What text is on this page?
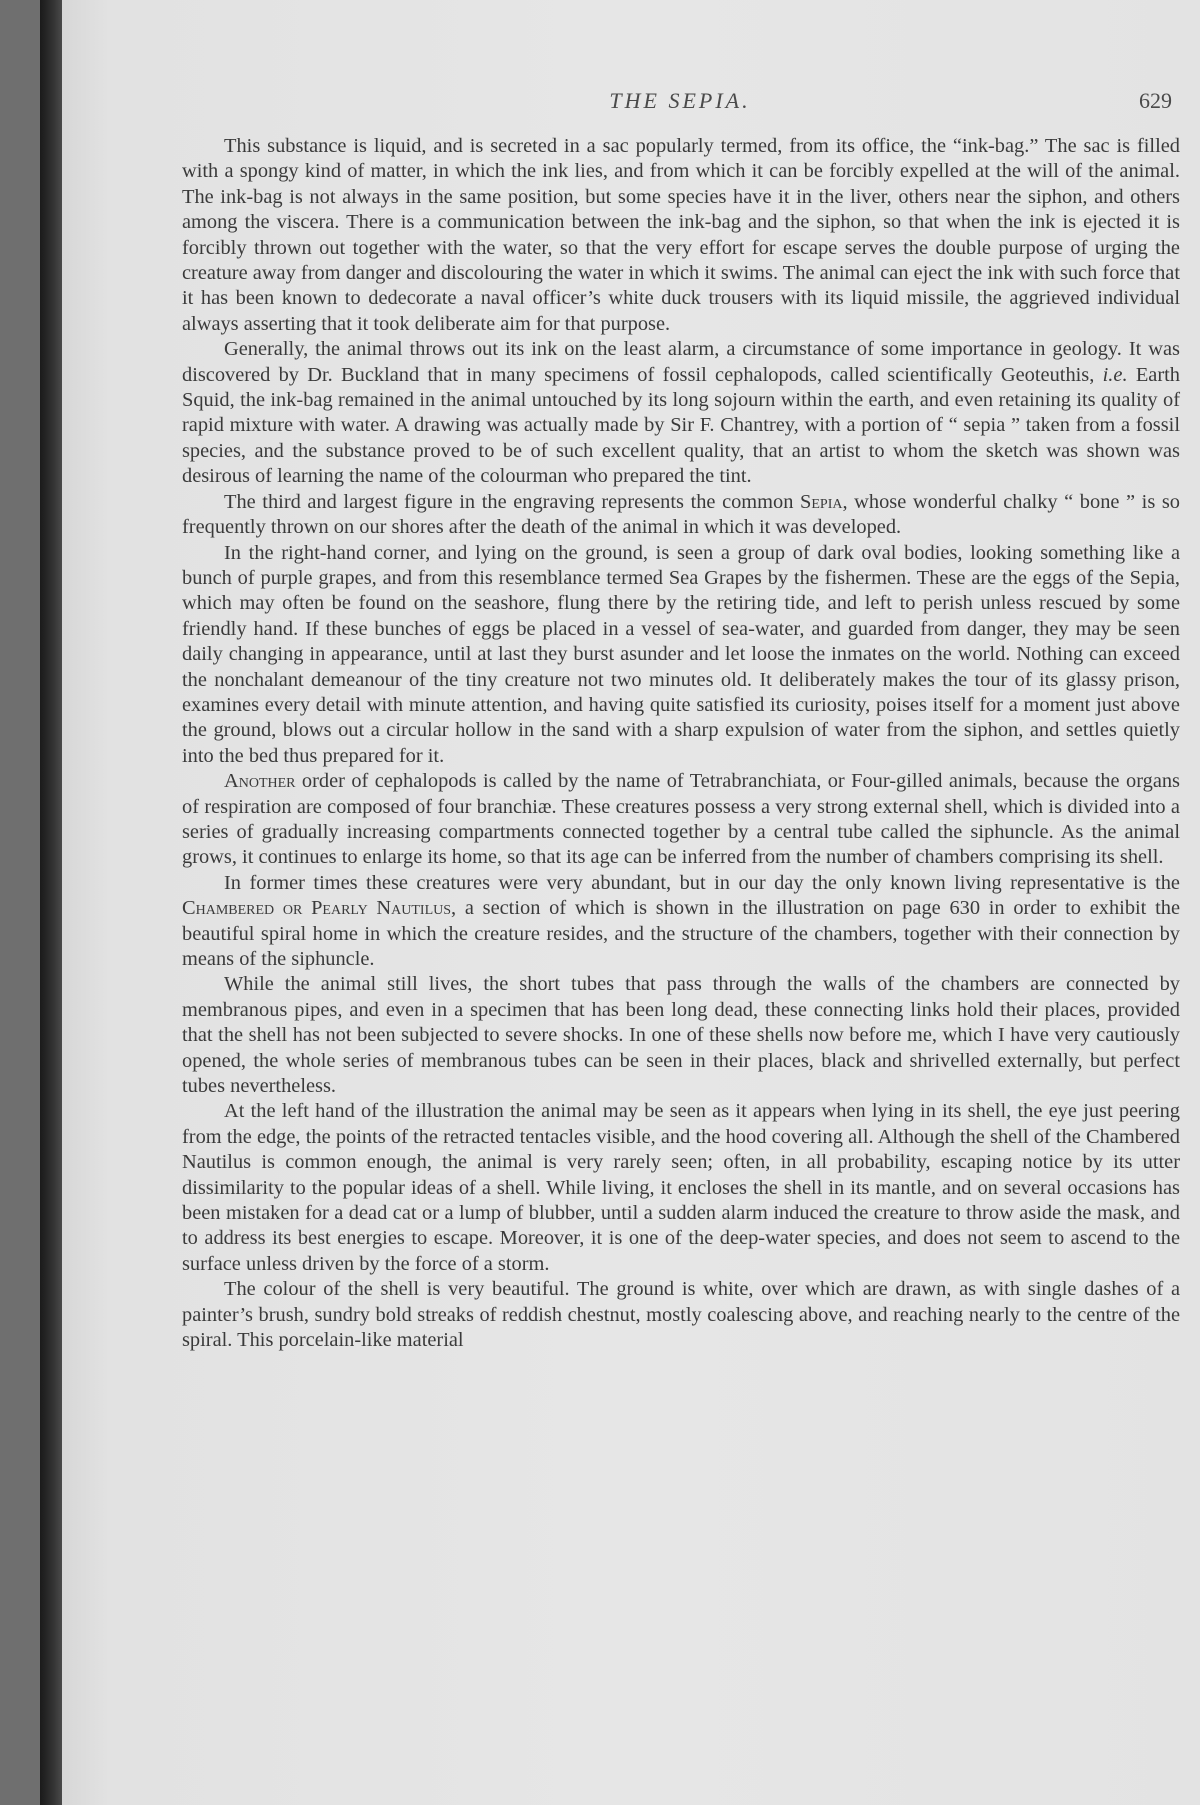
THE SEPIA.	629

This substance is liquid, and is secreted in a sac popularly termed, from its office, the “ink-bag.” The sac is filled with a spongy kind of matter, in which the ink lies, and from which it can be forcibly expelled at the will of the animal. The ink-bag is not always in the same position, but some species have it in the liver, others near the siphon, and others among the viscera. There is a communication between the ink-bag and the siphon, so that when the ink is ejected it is forcibly thrown out together with the water, so that the very effort for escape serves the double purpose of urging the creature away from danger and discolouring the water in which it swims. The animal can eject the ink with such force that it has been known to dedecorate a naval officer’s white duck trousers with its liquid missile, the aggrieved individual always asserting that it took deliberate aim for that purpose.

Generally, the animal throws out its ink on the least alarm, a circumstance of some importance in geology. It was discovered by Dr. Buckland that in many specimens of fossil cephalopods, called scientifically Geoteuthis, i.e. Earth Squid, the ink-bag remained in the animal untouched by its long sojourn within the earth, and even retaining its quality of rapid mixture with water. A drawing was actually made by Sir F. Chantrey, with a portion of “ sepia ” taken from a fossil species, and the substance proved to be of such excellent quality, that an artist to whom the sketch was shown was desirous of learning the name of the colourman who prepared the tint.

The third and largest figure in the engraving represents the common Sepia, whose wonderful chalky “ bone ” is so frequently thrown on our shores after the death of the animal in which it was developed.

In the right-hand corner, and lying on the ground, is seen a group of dark oval bodies, looking something like a bunch of purple grapes, and from this resemblance termed Sea Grapes by the fishermen. These are the eggs of the Sepia, which may often be found on the seashore, flung there by the retiring tide, and left to perish unless rescued by some friendly hand. If these bunches of eggs be placed in a vessel of sea-water, and guarded from danger, they may be seen daily changing in appearance, until at last they burst asunder and let loose the inmates on the world. Nothing can exceed the nonchalant demeanour of the tiny creature not two minutes old. It deliberately makes the tour of its glassy prison, examines every detail with minute attention, and having quite satisfied its curiosity, poises itself for a moment just above the ground, blows out a circular hollow in the sand with a sharp expulsion of water from the siphon, and settles quietly into the bed thus prepared for it.

Another order of cephalopods is called by the name of Tetrabranchiata, or Four-gilled animals, because the organs of respiration are composed of four branchiæ. These creatures possess a very strong external shell, which is divided into a series of gradually increasing compartments connected together by a central tube called the siphuncle. As the animal grows, it continues to enlarge its home, so that its age can be inferred from the number of chambers comprising its shell.

In former times these creatures were very abundant, but in our day the only known living representative is the Chambered or Pearly Nautilus, a section of which is shown in the illustration on page 630 in order to exhibit the beautiful spiral home in which the creature resides, and the structure of the chambers, together with their connection by means of the siphuncle.

While the animal still lives, the short tubes that pass through the walls of the chambers are connected by membranous pipes, and even in a specimen that has been long dead, these connecting links hold their places, provided that the shell has not been subjected to severe shocks. In one of these shells now before me, which I have very cautiously opened, the whole series of membranous tubes can be seen in their places, black and shrivelled externally, but perfect tubes nevertheless.

At the left hand of the illustration the animal may be seen as it appears when lying in its shell, the eye just peering from the edge, the points of the retracted tentacles visible, and the hood covering all. Although the shell of the Chambered Nautilus is common enough, the animal is very rarely seen; often, in all probability, escaping notice by its utter dissimilarity to the popular ideas of a shell. While living, it encloses the shell in its mantle, and on several occasions has been mistaken for a dead cat or a lump of blubber, until a sudden alarm induced the creature to throw aside the mask, and to address its best energies to escape. Moreover, it is one of the deep-water species, and does not seem to ascend to the surface unless driven by the force of a storm.

The colour of the shell is very beautiful. The ground is white, over which are drawn, as with single dashes of a painter’s brush, sundry bold streaks of reddish chestnut, mostly coalescing above, and reaching nearly to the centre of the spiral. This porcelain-like material
